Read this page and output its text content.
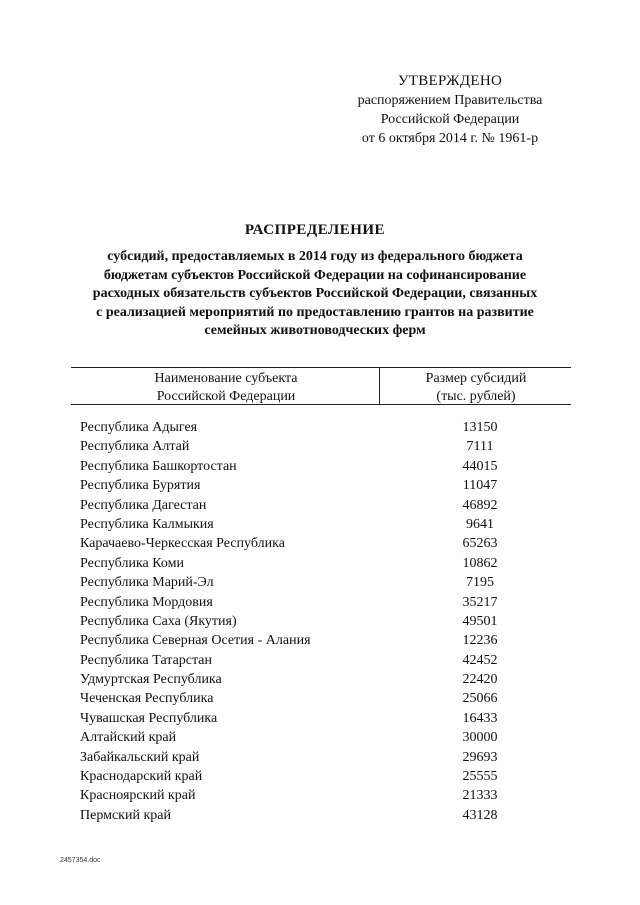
УТВЕРЖДЕНО
распоряжением Правительства
Российской Федерации
от 6 октября 2014 г. № 1961-р
РАСПРЕДЕЛЕНИЕ
субсидий, предоставляемых в 2014 году из федерального бюджета
бюджетам субъектов Российской Федерации на софинансирование
расходных обязательств субъектов Российской Федерации, связанных
с реализацией мероприятий по предоставлению грантов на развитие
семейных животноводческих ферм
Наименование субъекта
Российской Федерации
Размер субсидий
(тыс. рублей)
Республика Адыгея	13150
Республика Алтай	7111
Республика Башкортостан	44015
Республика Бурятия	11047
Республика Дагестан	46892
Республика Калмыкия	9641
Карачаево-Черкесская Республика	65263
Республика Коми	10862
Республика Марий-Эл	7195
Республика Мордовия	35217
Республика Саха (Якутия)	49501
Республика Северная Осетия - Алания	12236
Республика Татарстан	42452
Удмуртская Республика	22420
Чеченская Республика	25066
Чувашская Республика	16433
Алтайский край	30000
Забайкальский край	29693
Краснодарский край	25555
Красноярский край	21333
Пермский край	43128
2457354.doc
